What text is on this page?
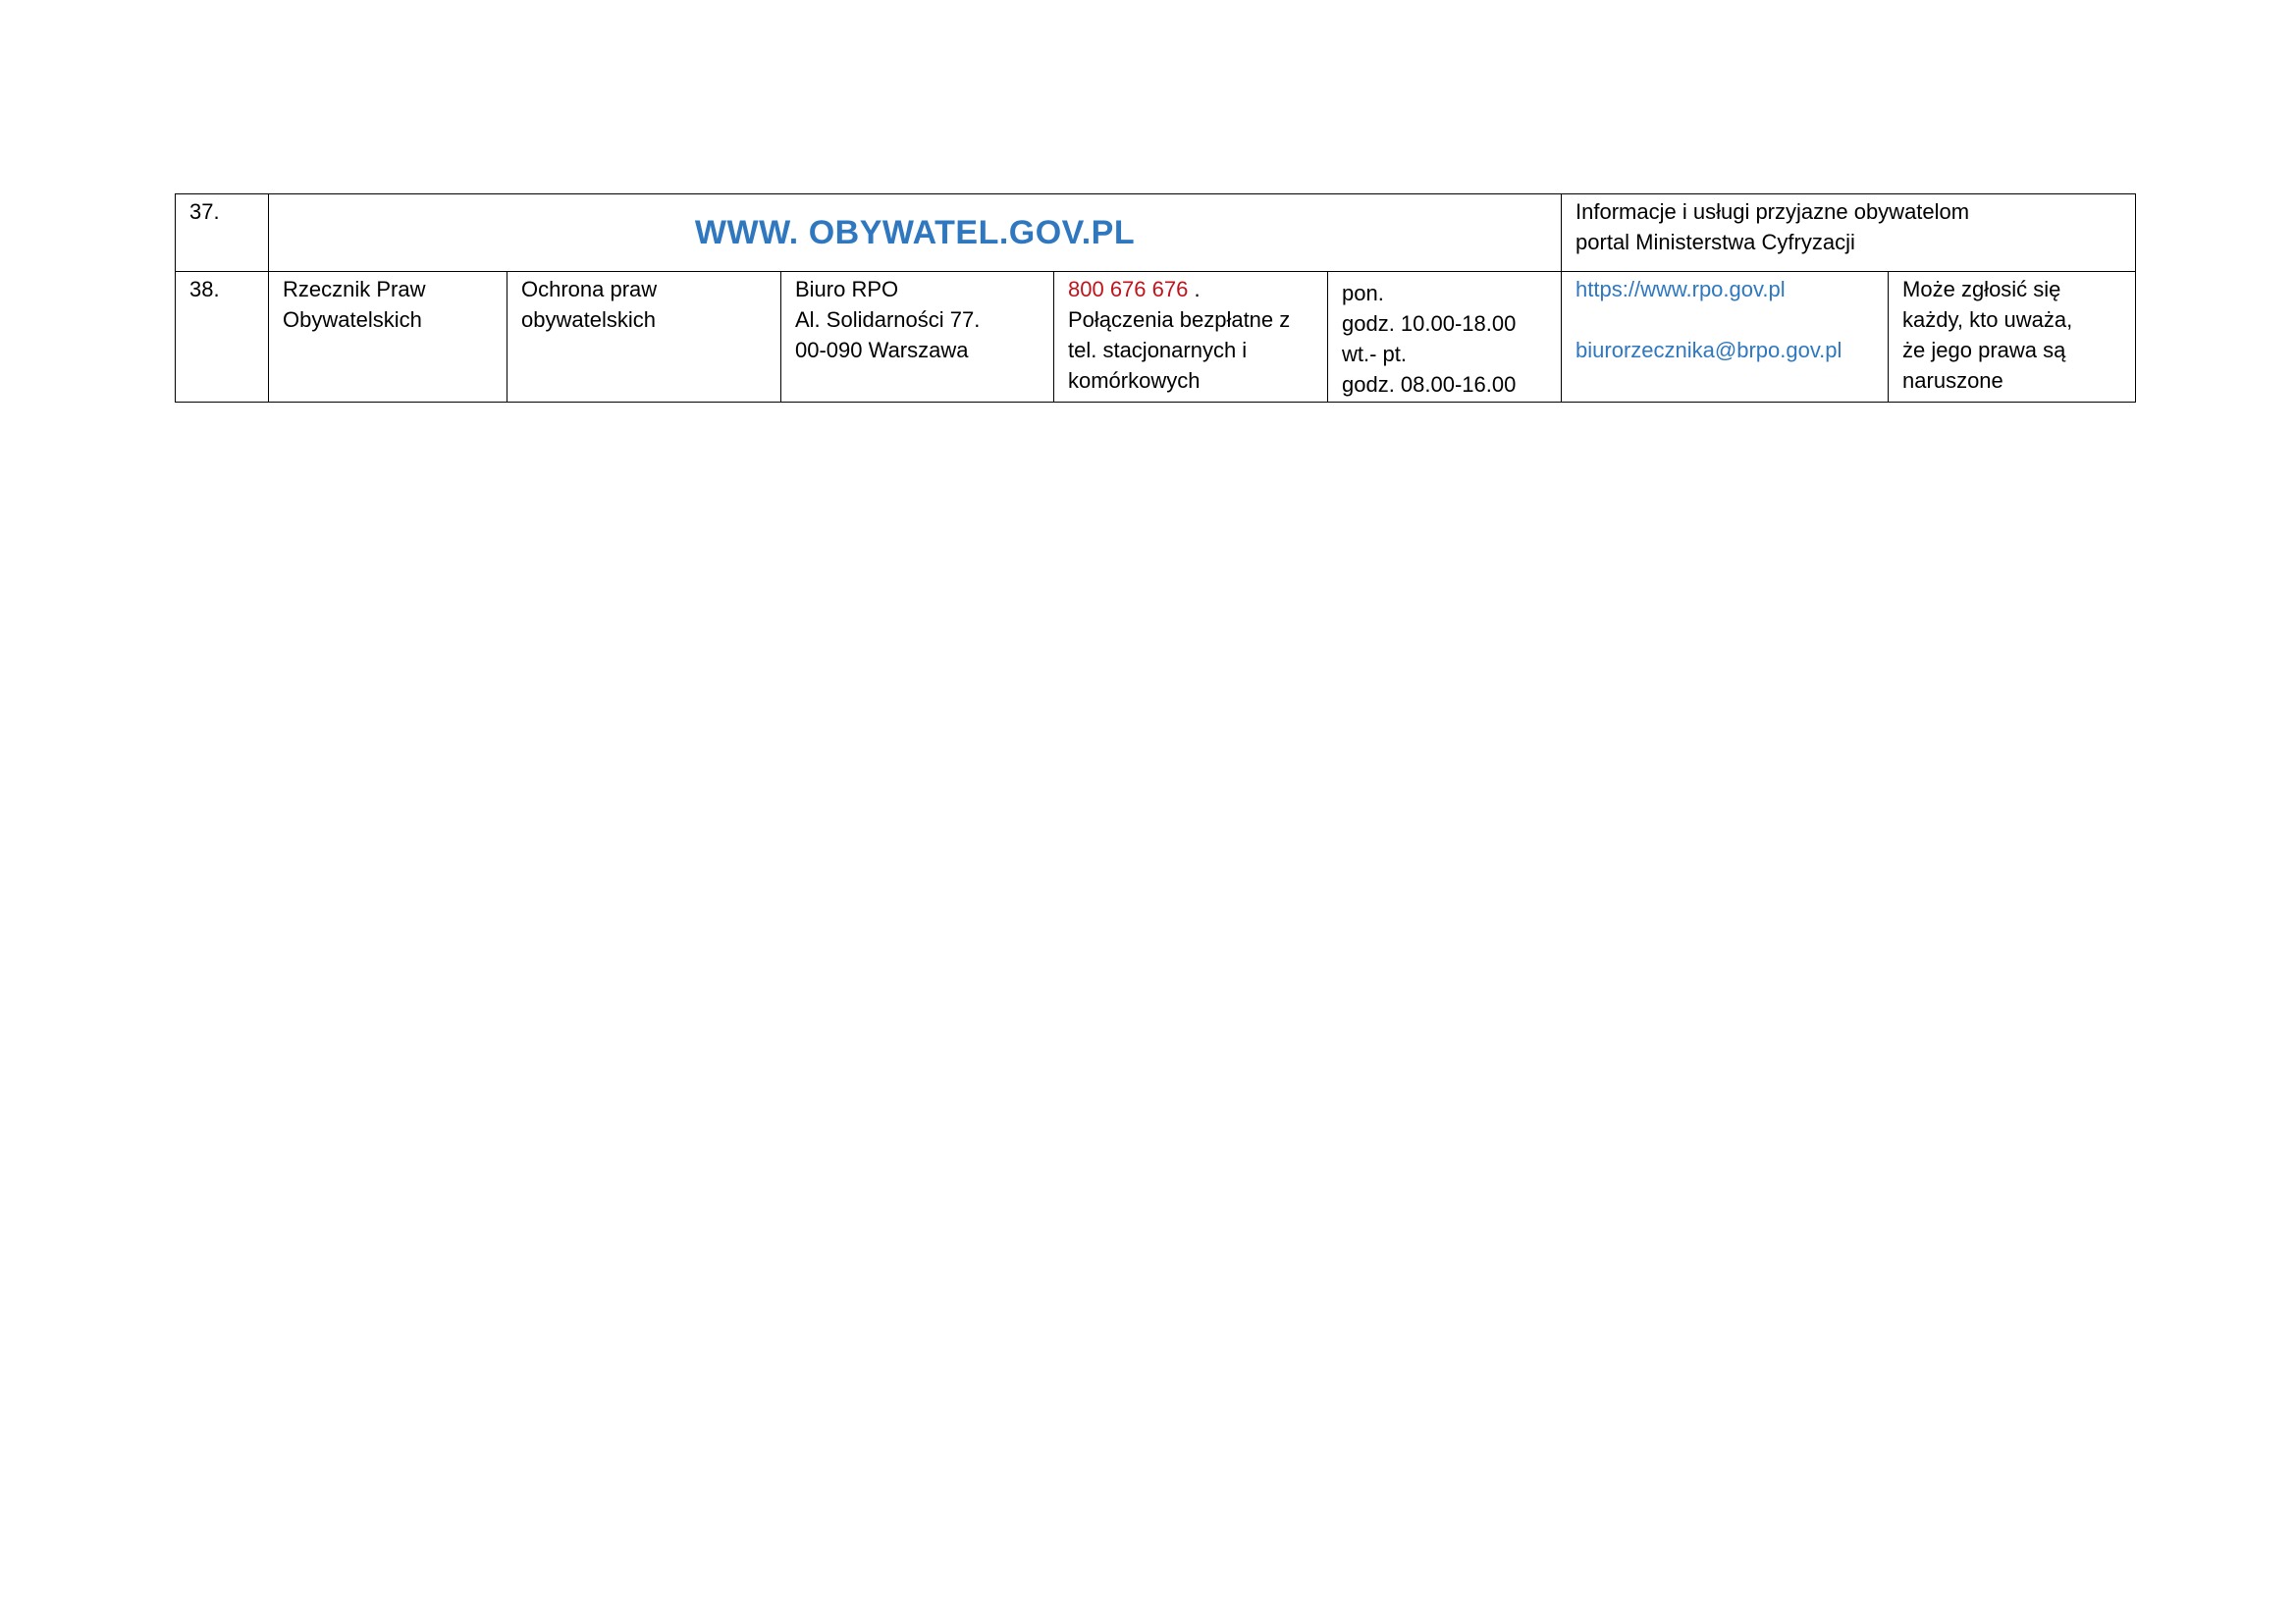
37.	WWW. OBYWATEL.GOV.PL					Informacje i usługi przyjazne obywatelom
portal Ministerstwa Cyfryzacji	

38.	Rzecznik Praw
Obywatelskich	Ochrona praw
obywatelskich	Biuro RPO
Al. Solidarności 77.
00-090 Warszawa	800 676 676 .
Połączenia bezpłatne z
tel. stacjonarnych i
komórkowych	pon.
godz. 10.00-18.00
wt.- pt.
godz. 08.00-16.00	https://www.rpo.gov.pl
biurorzecznika@brpo.gov.pl	Może zgłosić się
każdy, kto uważa,
że jego prawa są
naruszone
